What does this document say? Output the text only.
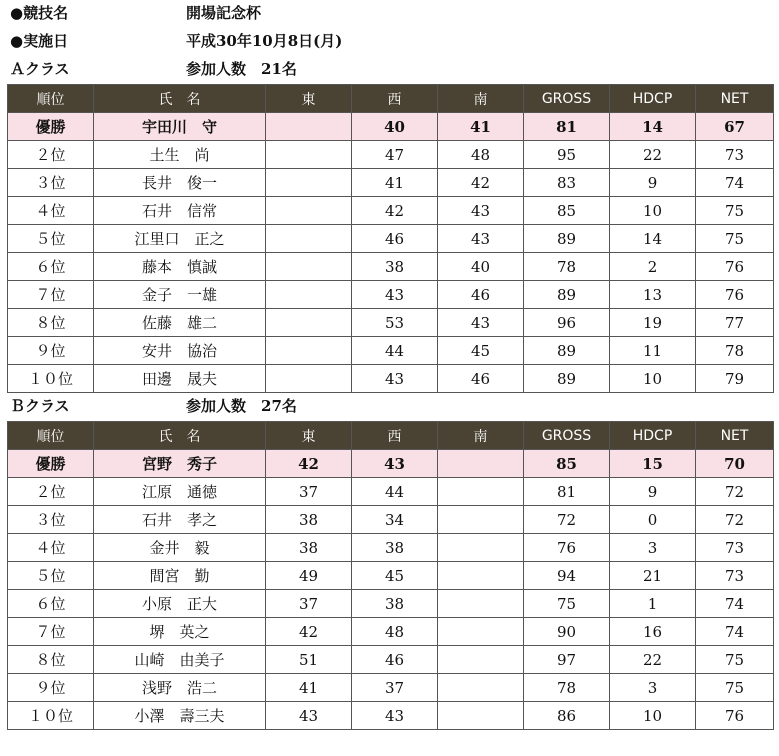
●競技名	開場記念杯
●実施日	平成30年10月8日(月)
Ａクラス	参加人数　21名
順位	氏　名	東	西	南	GROSS	HDCP	NET
優勝	宇田川　守		40	41	81	14	67
２位	土生　尚		47	48	95	22	73
３位	長井　俊一		41	42	83	9	74
４位	石井　信常		42	43	85	10	75
５位	江里口　正之		46	43	89	14	75
６位	藤本　慎誠		38	40	78	2	76
７位	金子　一雄		43	46	89	13	76
８位	佐藤　雄二		53	43	96	19	77
９位	安井　協治		44	45	89	11	78
１０位	田邊　晟夫		43	46	89	10	79
Ｂクラス	参加人数　27名
順位	氏　名	東	西	南	GROSS	HDCP	NET
優勝	宮野　秀子	42	43		85	15	70
２位	江原　通徳	37	44		81	9	72
３位	石井　孝之	38	34		72	0	72
４位	金井　毅	38	38		76	3	73
５位	間宮　勤	49	45		94	21	73
６位	小原　正大	37	38		75	1	74
７位	堺　英之	42	48		90	16	74
８位	山崎　由美子	51	46		97	22	75
９位	浅野　浩二	41	37		78	3	75
１０位	小澤　壽三夫	43	43		86	10	76
